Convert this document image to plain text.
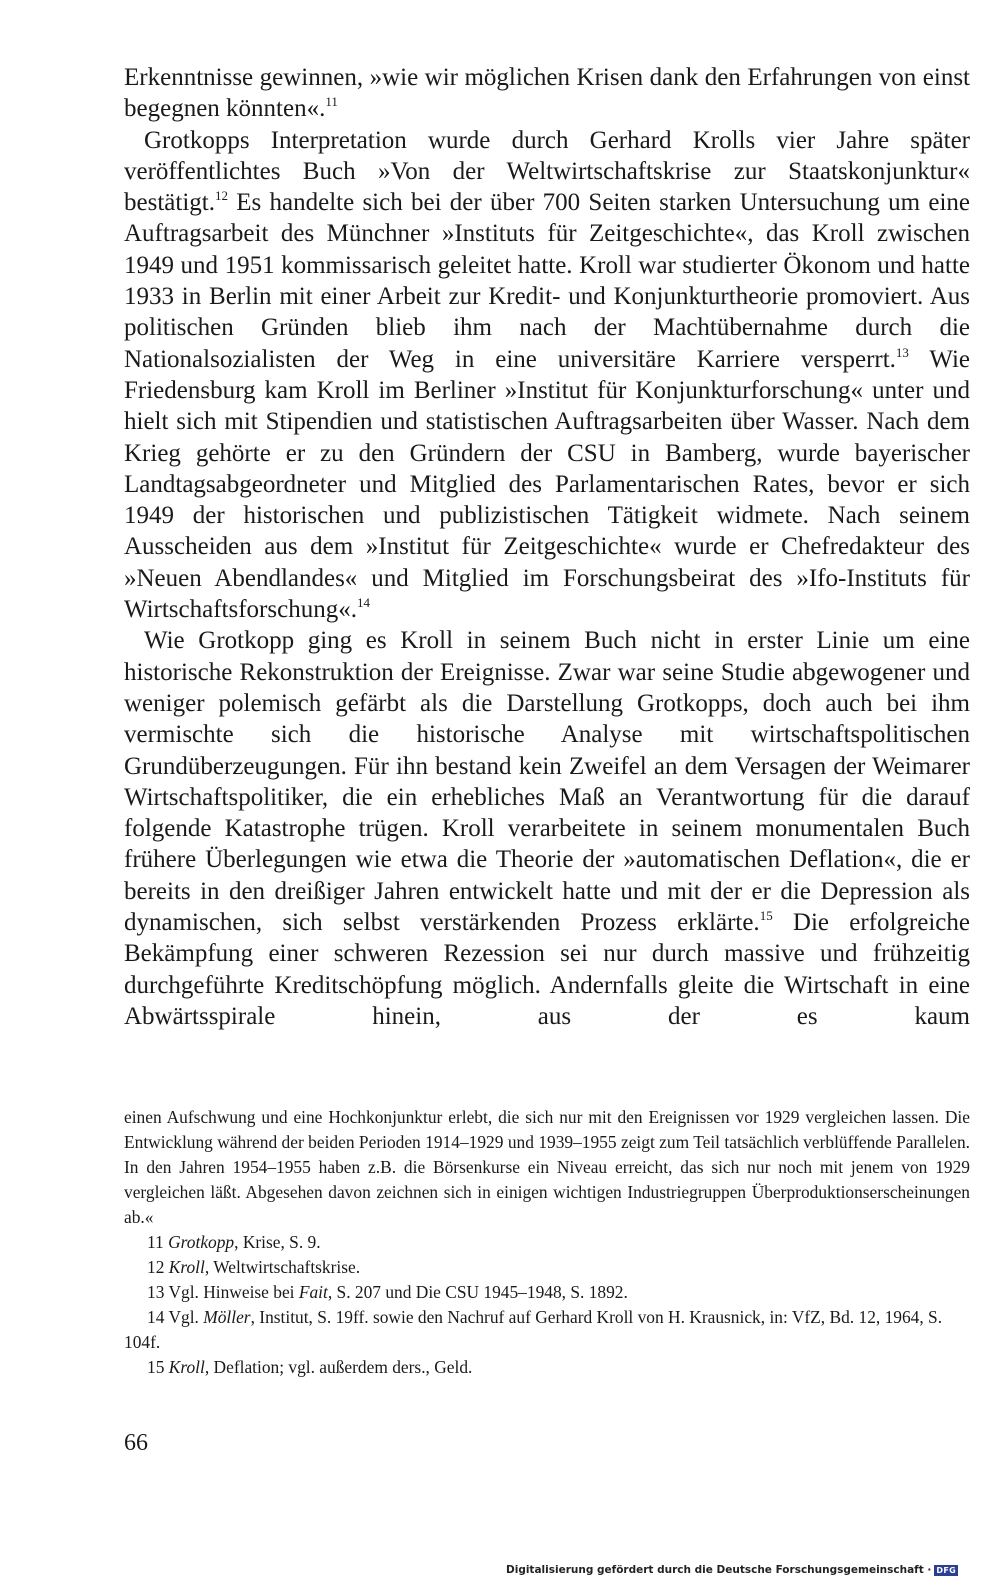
Erkenntnisse gewinnen, »wie wir möglichen Krisen dank den Erfahrungen von einst begegnen könnten«.$^{11}$

Grotkopps Interpretation wurde durch Gerhard Krolls vier Jahre später veröffentlichtes Buch »Von der Weltwirtschaftskrise zur Staatskonjunktur« bestätigt.$^{12}$ Es handelte sich bei der über 700 Seiten starken Untersuchung um eine Auftragsarbeit des Münchner »Instituts für Zeitgeschichte«, das Kroll zwischen 1949 und 1951 kommissarisch geleitet hatte. Kroll war studierter Ökonom und hatte 1933 in Berlin mit einer Arbeit zur Kredit- und Konjunkturtheorie promoviert. Aus politischen Gründen blieb ihm nach der Machtübernahme durch die Nationalsozialisten der Weg in eine universitäre Karriere versperrt.$^{13}$ Wie Friedensburg kam Kroll im Berliner »Institut für Konjunkturforschung« unter und hielt sich mit Stipendien und statistischen Auftragsarbeiten über Wasser. Nach dem Krieg gehörte er zu den Gründern der CSU in Bamberg, wurde bayerischer Landtagsabgeordneter und Mitglied des Parlamentarischen Rates, bevor er sich 1949 der historischen und publizistischen Tätigkeit widmete. Nach seinem Ausscheiden aus dem »Institut für Zeitgeschichte« wurde er Chefredakteur des »Neuen Abendlandes« und Mitglied im Forschungsbeirat des »Ifo-Instituts für Wirtschaftsforschung«.$^{14}$

Wie Grotkopp ging es Kroll in seinem Buch nicht in erster Linie um eine historische Rekonstruktion der Ereignisse. Zwar war seine Studie abgewogener und weniger polemisch gefärbt als die Darstellung Grotkopps, doch auch bei ihm vermischte sich die historische Analyse mit wirtschaftspolitischen Grundüberzeugungen. Für ihn bestand kein Zweifel an dem Versagen der Weimarer Wirtschaftspolitiker, die ein erhebliches Maß an Verantwortung für die darauf folgende Katastrophe trügen. Kroll verarbeitete in seinem monumentalen Buch frühere Überlegungen wie etwa die Theorie der »automatischen Deflation«, die er bereits in den dreißiger Jahren entwickelt hatte und mit der er die Depression als dynamischen, sich selbst verstärkenden Prozess erklärte.$^{15}$ Die erfolgreiche Bekämpfung einer schweren Rezession sei nur durch massive und frühzeitig durchgeführte Kreditschöpfung möglich. Andernfalls gleite die Wirtschaft in eine Abwärtsspirale hinein, aus der es kaum

einen Aufschwung und eine Hochkonjunktur erlebt, die sich nur mit den Ereignissen vor 1929 vergleichen lassen. Die Entwicklung während der beiden Perioden 1914–1929 und 1939–1955 zeigt zum Teil tatsächlich verblüffende Parallelen. In den Jahren 1954–1955 haben z.B. die Börsenkurse ein Niveau erreicht, das sich nur noch mit jenem von 1929 vergleichen läßt. Abgesehen davon zeichnen sich in einigen wichtigen Industriegruppen Überproduktionserscheinungen ab.«

11 Grotkopp, Krise, S. 9.

12 Kroll, Weltwirtschaftskrise.

13 Vgl. Hinweise bei Fait, S. 207 und Die CSU 1945–1948, S. 1892.

14 Vgl. Möller, Institut, S. 19ff. sowie den Nachruf auf Gerhard Kroll von H. Krausnick, in: VfZ, Bd. 12, 1964, S. 104f.

15 Kroll, Deflation; vgl. außerdem ders., Geld.

66
Digitalisierung gefördert durch die Deutsche Forschungsgemeinschaft · DFG
